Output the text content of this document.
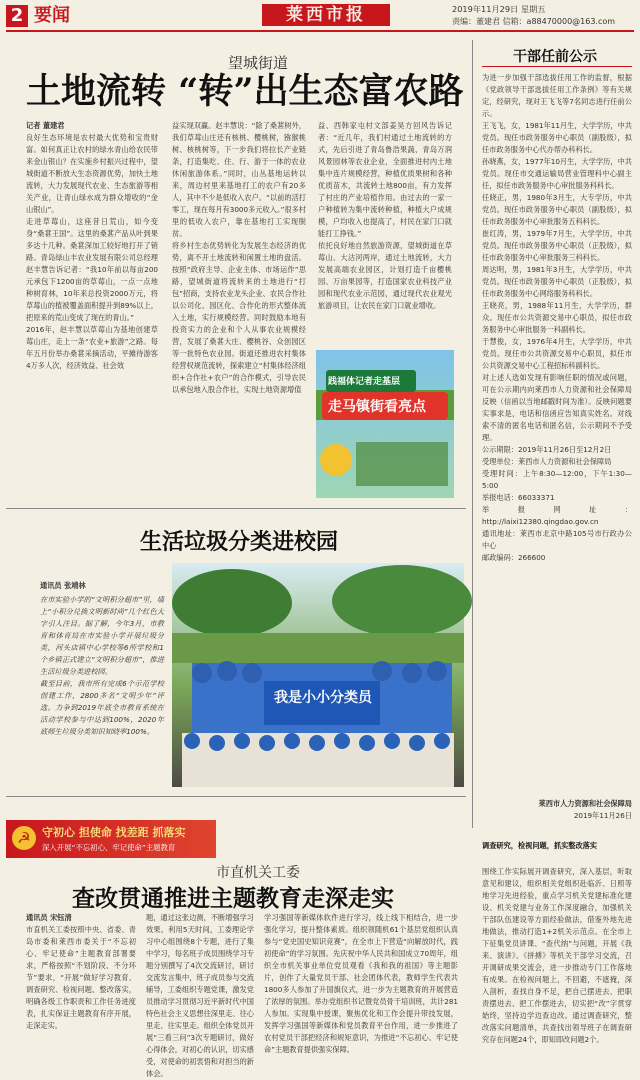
2 要闻	莱西市报	2019年11月29日 星期五
责编：董建君 信箱：a88470000@163.com
望城街道
土地流转 “转”出生态富农路
记者 董建君
良好生态环境是农村最大优势和宝贵财富。如何真正让农村的绿水青山给农民带来金山银山？在实施乡村振兴过程中，望城街道不断放大生态资源优势，加快土地流转，大力发展现代农业、生态旅游等相关产业，让青山绿水成为群众增收的“金山银山”。
走进草莓山，这座昔日荒山，如今变身“桑葚王国”。这里的桑葚产品从叶到果多达十几种。桑葚深加工较好地打开了销路。青岛绿山丰农业发展有限公司总经理赵丰慧告诉记者：“我10年前以每亩200元承包下1200亩的草莓山，一点一点地种树育林，10年来总投资2000万元，将草莓山的植被覆盖面积提升到89%以上，把原来的荒山变成了现在的青山。”
2016年，赵丰慧以草莓山为基地创建草莓山庄，走上一条“农业+旅游”之路。每年五月份举办桑葚采摘活动，平摊待游客4万多人次，经济效益、社会效
益实现双赢。赵丰慧说：“除了桑葚树外，我们草莓山庄还有核桃、樱桃树，猕猴桃树、核桃树等，下一步我们将拉长产业链条，打造集吃、住、行、游于一体的农业休闲旅游体系。”同时，山丛基地运转以来，周边村里来基地打工的农户有20多人，其中不少是低收入农户。“以前的活打零工，现在每月有3000多元收入。”很多村里的低收入农户，靠在基地打工实现脱贫。
将乡村生态优势转化为发展生态经济的优势，离不开土地流转和闲置土地的盘活。按照“政府主导、企业主体、市场运作”思路，望城街道将流转来的土地进行“打包”招商，支持农业龙头企业、农民合作社以公司化、园区化、合作化的形式整体流入土地，实行规模经营。同时鼓励本地有投资实力的企业和个人从事农业规模经营，发展了桑葚大庄、樱桃谷、众创园区等一批特色农业园。街道还推进农村集体经营权规范流转，探索建立“村集体经济组织+合作社+农户”的合作模式，引导农民以承包地入股合作社，实现土地资源增值
益、西韩家屯村文部姜昊方回风告诉记者：“近几年，我们村通过土地流转的方式，先后引进了青岛鲁浩果蔬、青岛万润风景园林等农业企业，全面推进村内土地集中连片规模经营，种植优质果树和各种优质苗木，共流转土地800亩，有力发挥了村庄的产业培植作用。由过去的一家一户种植转为集中流转种植，种植大户成规模，户均收入也提高了，村民在家门口就能打工挣钱。”
依托良好地自然旅游资源，望城街道在草莓山、大沽河两岸，通过土地流转，大力发展高端农业园区，计划打造千亩樱桃园、万亩果园等，打造国家农业科技产业园和现代农业示范园，通过现代农业观光旅游项目，让农民在家门口就业增收。
践福体记者走基层
走马镇街看亮点
干部任前公示
为进一步加强干部选拔任用工作的监督，根据《党政领导干部选拔任用工作条例》等有关规定，经研究，现对王飞飞等7名同志进行任前公示。
王飞飞，女，1981年11月生，大学学历，中共党员。现任市政务服务中心职员（副股级），拟任市政务服务中心代办帮办科科长。
孙晓燕，女，1977年10月生，大学学历，中共党员。现任市交通运输局营业管理科中心副主任，拟任市政务服务中心审批服务科科长。
任晓正，男，1980年3月生，大专学历，中共党员。现任市政务服务中心职员（副股级），拟任市政务服务中心审批服务五科科长。
崔红涛，男，1979年7月生，大学学历，中共党员。现任市政务服务中心职员（正股级），拟任市政务服务中心审批服务三科科长。
周达明，男，1981年3月生，大学学历，中共党员。现任市政务服务中心职员（正股级），拟任市政务服务中心网络服务科科长。
王晓亮，男，1988年11月生，大学学历，群众。现任市公共资源交易中心职员，拟任市政务服务中心审批服务一科副科长。
于慧俊，女，1976年4月生，大学学历，中共党员。现任市公共资源交易中心职员，拟任市公共资源交易中心工程招标科副科长。
对上述人选如发现有影响任职的情况或问题，可在公示期内向莱西市人力资源和社会保障局反映（信函以当地邮戳时间为准）。反映问题要实事求是，电话和信函应告知真实姓名。对线索不清的匿名电话和匿名信，公示期间不予受理。
公示期限：2019年11月26日至12月2日
受理单位：莱西市人力资源和社会保障局
受理时间：上午8:30—12:00，下午1:30—5:00
举报电话：66033371
举报网址：http://laixi12380.qingdao.gov.cn
通讯地址：莱西市北京中路105号市行政办公中心
邮政编码：266600
莱西市人力资源和社会保障局
2019年11月26日
生活垃圾分类进校园
通讯员 张靖林
在市实验小学的“文明积分超市”里，墙上“小积分兑换文明新时尚”几个红色大字引人注目。据了解，今年3月，市教育和体育局在市实验小学开展垃圾分类，河头店镇中心学校等6所学校和1个乡镇正式建立“文明积分超市”，推进生活垃圾分类进校园。
截至目前，我市所有完成6个示范学校创建工作，2800多名“文明少年”评选。力争到2019年底全市教育系统在活动学校参与中达到100%，2020年底师生垃圾分类知识知晓率100%。
我是小小分类员
☭	守初心 担使命 找差距 抓落实
深入开展“不忘初心、牢记使命”主题教育
市直机关工委
查改贯通推进主题教育走深走实
通讯员 宋钰清
市直机关工委按照中央、省委、青岛市委和莱西市委关于“不忘初心、牢记使命”主题教育部署要求，严格按照“不划阶段、不分环节”要求，“开展”做好学习教育、调查研究、检视问题、整改落实，明确各级工作职责和工作任务进度表，扎实保证主题教育有序开展，走深走实。
题，通过这张边测，不断增强学习效果。利用5天时间，工委理论学习中心组围绕8个专题，进行了集中学习，每名班子成员围绕学习专题分别撰写了4次交流研讨，研讨交流发言集中，班子成员参与交流辅导，工委组织专题党课，激发党员推动学习贯彻习近平新时代中国特色社会主义思想往深里走、往心里走、往实里走。组织全体党员开展“三看三问”3次专题研讨，做好心得体会，对初心的认识，切实感受，对使命的初衷悟和对担当的新体会。
学习强国等新媒体软件进行学习，线上线下相结合，进一步强化学习，提升整体素质。组织领随机61个基层党组织认真参与“党史国史知识竞赛”，在全市上下营造“向解放时代，践初使命”的学习氛围。先庆祝中华人民共和国成立70周年，组织全市机关事业单位党员观看《我和我的祖国》等主题影片，创作了大量党员干部、社会团体代表，教师学生代表共1800多人参加了升国旗仪式，进一步为主题教育的开展营造了浓厚的氛围。举办党组织书记暨党员骨干培训班，共计281人参加。实现集中授课，聚焦优化和工作会提升带技发展，发挥学习强国等新媒体和党员教育平台作用，进一步推进了农村党员干部把经济和规矩意识，为推进“不忘初心、牢记使命”主题教育提供强实保障。
调查研究，检视问题，抓实整改落实
围绕工作实际展开调查研究，深入基层，听取意见和建议，组织相关党组织赴临沂、日照等地学习先进经验，重点学习机关党建标准化建设、机关党建与业务工作深度融合，加强机关干部队伍建设等方面经验做法，借鉴外地先进地做法，推动打造1+2机关示范点。在全市上下征集党员讲课、“查代纳”与问题，开展《我来、演讲》、《拼搏》等机关干部学习交流，召开调研成果交流会，进一步推动专门工作落地有成果。在检视问题上，不回避，不遮掩，深入剖析，查找自身不足，把自己摆进去、把职责摆进去、把工作摆进去，切实把“改”字贯穿始终，坚持边学边查边改。通过调查研究，整改落实问题清单，共查找出领导班子在调查研究存在问题24个，即知即改问题2个。
